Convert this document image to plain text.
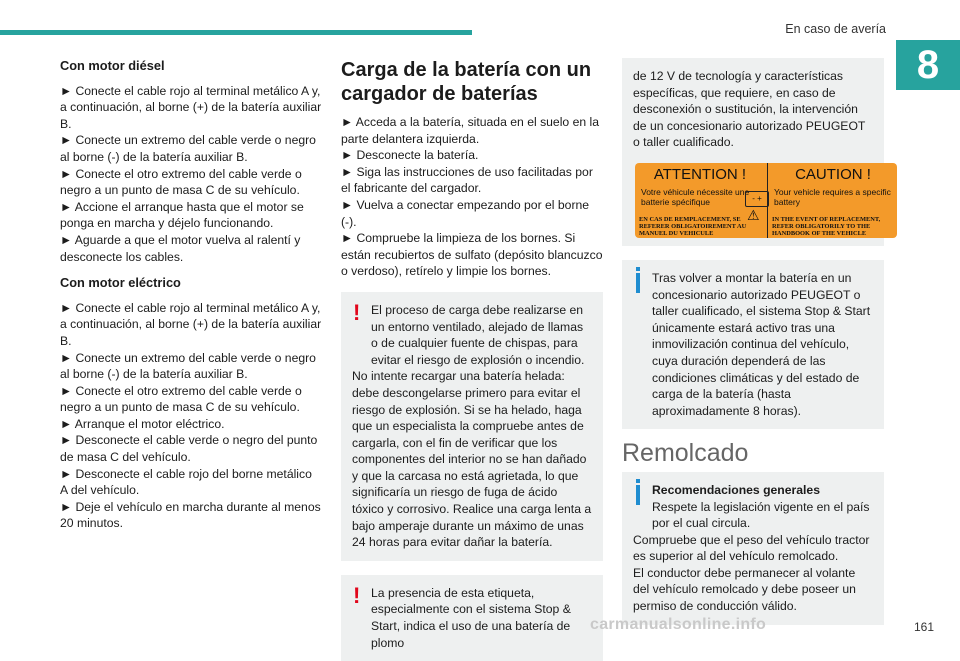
En caso de avería
8
Con motor diésel

► Conecte el cable rojo al terminal metálico A y, a continuación, al borne (+) de la batería auxiliar B.

► Conecte un extremo del cable verde o negro al borne (-) de la batería auxiliar B.

► Conecte el otro extremo del cable verde o negro a un punto de masa C de su vehículo.

► Accione el arranque hasta que el motor se ponga en marcha y déjelo funcionando.

► Aguarde a que el motor vuelva al ralentí y desconecte los cables.

Con motor eléctrico

► Conecte el cable rojo al terminal metálico A y, a continuación, al borne (+) de la batería auxiliar B.

► Conecte un extremo del cable verde o negro al borne (-) de la batería auxiliar B.

► Conecte el otro extremo del cable verde o negro a un punto de masa C de su vehículo.

► Arranque el motor eléctrico.

► Desconecte el cable verde o negro del punto de masa C del vehículo.

► Desconecte el cable rojo del borne metálico A del vehículo.

► Deje el vehículo en marcha durante al menos 20 minutos.

Carga de la batería con un cargador de baterías

► Acceda a la batería, situada en el suelo en la parte delantera izquierda.

► Desconecte la batería.

► Siga las instrucciones de uso facilitadas por el fabricante del cargador.

► Vuelva a conectar empezando por el borne (-).

► Compruebe la limpieza de los bornes. Si están recubiertos de sulfato (depósito blancuzco o verdoso), retírelo y limpie los bornes.

! El proceso de carga debe realizarse en un entorno ventilado, alejado de llamas o de cualquier fuente de chispas, para evitar el riesgo de explosión o incendio.

No intente recargar una batería helada: debe descongelarse primero para evitar el riesgo de explosión. Si se ha helado, haga que un especialista la compruebe antes de cargarla, con el fin de verificar que los componentes del interior no se han dañado y que la carcasa no está agrietada, lo que significaría un riesgo de fuga de ácido tóxico y corrosivo. Realice una carga lenta a bajo amperaje durante un máximo de unas 24 horas para evitar dañar la batería.

! La presencia de esta etiqueta, especialmente con el sistema Stop & Start, indica el uso de una batería de plomo

de 12 V de tecnología y características específicas, que requiere, en caso de desconexión o sustitución, la intervención de un concesionario autorizado PEUGEOT o taller cualificado.

ATTENTION !
Votre véhicule nécessite une batterie spécifique
EN CAS DE REMPLACEMENT, SE REFERER OBLIGATOIREMENT AU MANUEL DU VEHICULE
CAUTION !
Your vehicle requires a specific battery
IN THE EVENT OF REPLACEMENT, REFER OBLIGATORILY TO THE HANDBOOK OF THE VEHICLE
- +
⚠

Tras volver a montar la batería en un concesionario autorizado PEUGEOT o taller cualificado, el sistema Stop & Start únicamente estará activo tras una inmovilización continua del vehículo, cuya duración dependerá de las condiciones climáticas y del estado de carga de la batería (hasta aproximadamente 8 horas).

Remolcado

Recomendaciones generales

Respete la legislación vigente en el país por el cual circula.

Compruebe que el peso del vehículo tractor es superior al del vehículo remolcado.

El conductor debe permanecer al volante del vehículo remolcado y debe poseer un permiso de conducción válido.

carmanualsonline.info	161
